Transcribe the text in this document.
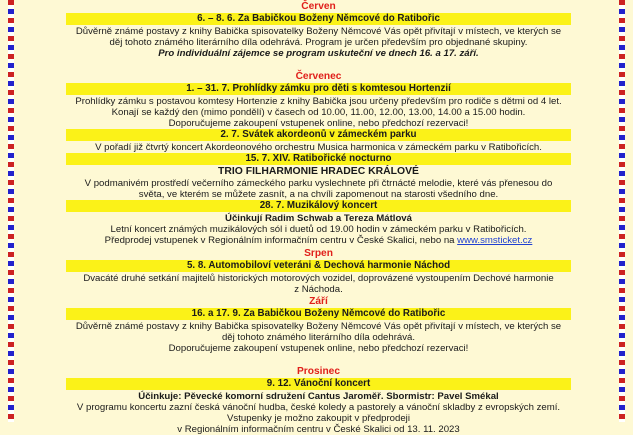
Červen
6. – 8. 6. Za Babičkou Boženy Němcové do Ratibořic
Důvěrně známé postavy z knihy Babička spisovatelky Boženy Němcové Vás opět přivítají v místech, ve kterých se
děj tohoto známého literárního díla odehrává. Program je určen především pro objednané skupiny.
Pro individuální zájemce se program uskuteční ve dnech 16. a 17. září.
Červenec
1. – 31. 7. Prohlídky zámku pro děti s komtesou Hortenzií
Prohlídky zámku s postavou komtesy Hortenzie z knihy Babička jsou určeny především pro rodiče s dětmi od 4 let.
Konají se každý den (mimo pondělí) v časech od 10.00, 11.00, 12.00, 13.00, 14.00 a 15.00 hodin.
Doporučujeme zakoupení vstupenek online, nebo předchozí rezervaci!
2. 7. Svátek akordeonů v zámeckém parku
V pořadí již čtvrtý koncert Akordeonového orchestru Musica harmonica v zámeckém parku v Ratibořicích.
15. 7. XIV. Ratibořické nocturno
TRIO FILHARMONIE HRADEC KRÁLOVÉ
V podmanivém prostředí večerního zámeckého parku vyslechnete při čtrnácté melodie, které vás přenesou do
světa, ve kterém se můžete zasnít, a na chvíli zapomenout na starosti všedního dne.
28. 7. Muzikálový koncert
Účinkují Radim Schwab a Tereza Mátlová
Letní koncert známých muzikálových sól i duetů od 19.00 hodin v zámeckém parku v Ratibořicích.
Předprodej vstupenek v Regionálním informačním centru v České Skalici, nebo na www.smsticket.cz
Srpen
5. 8. Automobiloví veteráni & Dechová harmonie Náchod
Dvacáté druhé setkání majitelů historických motorových vozidel, doprovázené vystoupením Dechové harmonie
z Náchoda.
Září
16. a 17. 9. Za Babičkou Boženy Němcové do Ratibořic
Důvěrně známé postavy z knihy Babička spisovatelky Boženy Němcové Vás opět přivítají v místech, ve kterých se
děj tohoto známého literárního díla odehrává.
Doporučujeme zakoupení vstupenek online, nebo předchozí rezervaci!
Prosinec
9. 12. Vánoční koncert
Účinkuje: Pěvecké komorní sdružení Cantus Jaroměř. Sbormistr: Pavel Smékal
V programu koncertu zazní česká vánoční hudba, české koledy a pastorely a vánoční skladby z evropských zemí.
Vstupenky je možno zakoupit v předprodeji
v Regionálním informačním centru v České Skalici od 13. 11. 2023
